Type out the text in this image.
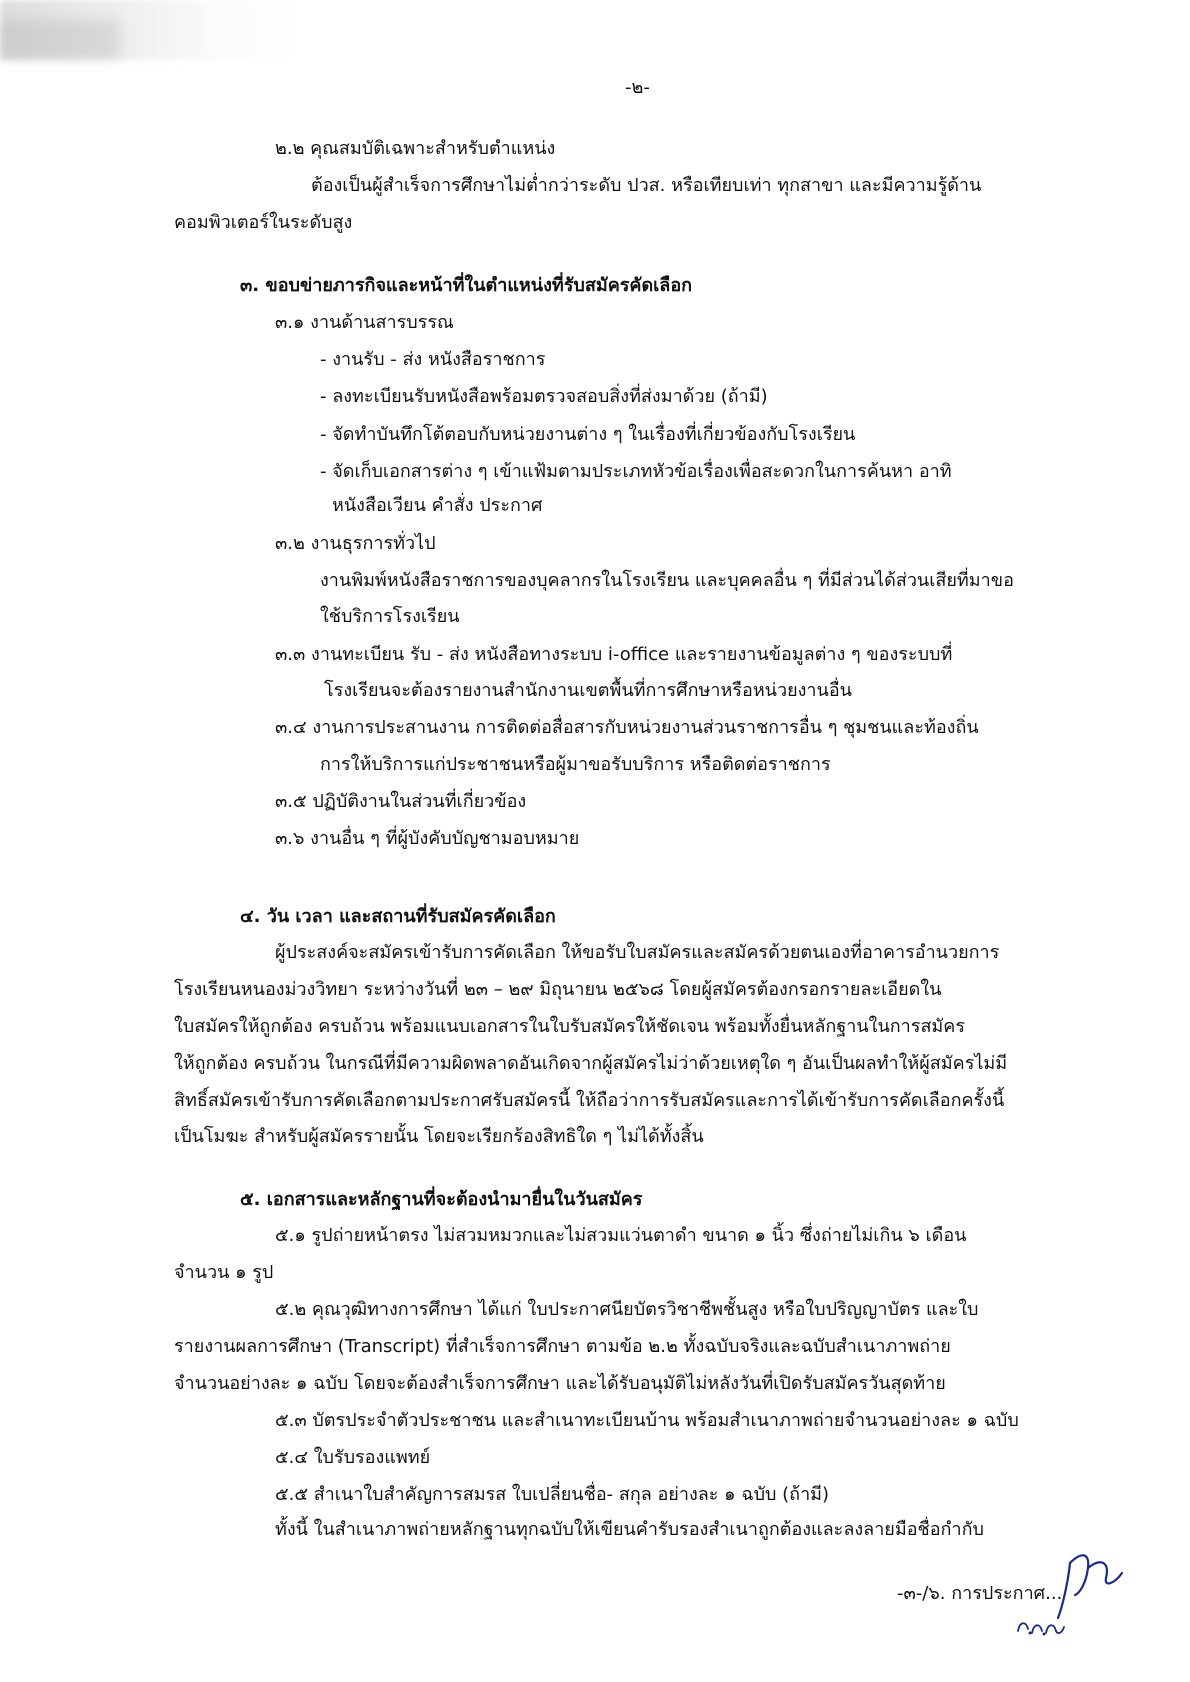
-๒-
๒.๒ คุณสมบัติเฉพาะสำหรับตำแหน่ง
ต้องเป็นผู้สำเร็จการศึกษาไม่ต่ำกว่าระดับ ปวส. หรือเทียบเท่า ทุกสาขา และมีความรู้ด้าน
คอมพิวเตอร์ในระดับสูง
๓. ขอบข่ายภารกิจและหน้าที่ในตำแหน่งที่รับสมัครคัดเลือก
๓.๑ งานด้านสารบรรณ
- งานรับ - ส่ง หนังสือราชการ
- ลงทะเบียนรับหนังสือพร้อมตรวจสอบสิ่งที่ส่งมาด้วย (ถ้ามี)
- จัดทำบันทึกโต้ตอบกับหน่วยงานต่าง ๆ ในเรื่องที่เกี่ยวข้องกับโรงเรียน
- จัดเก็บเอกสารต่าง ๆ เข้าแฟ้มตามประเภทหัวข้อเรื่องเพื่อสะดวกในการค้นหา อาทิ
หนังสือเวียน คำสั่ง ประกาศ
๓.๒ งานธุรการทั่วไป
งานพิมพ์หนังสือราชการของบุคลากรในโรงเรียน และบุคคลอื่น ๆ ที่มีส่วนได้ส่วนเสียที่มาขอ
ใช้บริการโรงเรียน
๓.๓ งานทะเบียน รับ - ส่ง หนังสือทางระบบ i-office และรายงานข้อมูลต่าง ๆ ของระบบที่
โรงเรียนจะต้องรายงานสำนักงานเขตพื้นที่การศึกษาหรือหน่วยงานอื่น
๓.๔ งานการประสานงาน การติดต่อสื่อสารกับหน่วยงานส่วนราชการอื่น ๆ ชุมชนและท้องถิ่น
การให้บริการแก่ประชาชนหรือผู้มาขอรับบริการ หรือติดต่อราชการ
๓.๕ ปฏิบัติงานในส่วนที่เกี่ยวข้อง
๓.๖ งานอื่น ๆ ที่ผู้บังคับบัญชามอบหมาย
๔. วัน เวลา และสถานที่รับสมัครคัดเลือก
ผู้ประสงค์จะสมัครเข้ารับการคัดเลือก ให้ขอรับใบสมัครและสมัครด้วยตนเองที่อาคารอำนวยการ
โรงเรียนหนองม่วงวิทยา ระหว่างวันที่ ๒๓ – ๒๙ มิถุนายน ๒๕๖๘ โดยผู้สมัครต้องกรอกรายละเอียดใน
ใบสมัครให้ถูกต้อง ครบถ้วน พร้อมแนบเอกสารในใบรับสมัครให้ชัดเจน พร้อมทั้งยื่นหลักฐานในการสมัคร
ให้ถูกต้อง ครบถ้วน ในกรณีที่มีความผิดพลาดอันเกิดจากผู้สมัครไม่ว่าด้วยเหตุใด ๆ อันเป็นผลทำให้ผู้สมัครไม่มี
สิทธิ์สมัครเข้ารับการคัดเลือกตามประกาศรับสมัครนี้ ให้ถือว่าการรับสมัครและการได้เข้ารับการคัดเลือกครั้งนี้
เป็นโมฆะ สำหรับผู้สมัครรายนั้น โดยจะเรียกร้องสิทธิใด ๆ ไม่ได้ทั้งสิ้น
๕. เอกสารและหลักฐานที่จะต้องนำมายื่นในวันสมัคร
๕.๑ รูปถ่ายหน้าตรง ไม่สวมหมวกและไม่สวมแว่นตาดำ ขนาด ๑ นิ้ว ซึ่งถ่ายไม่เกิน ๖ เดือน
จำนวน ๑ รูป
๕.๒ คุณวุฒิทางการศึกษา ได้แก่ ใบประกาศนียบัตรวิชาชีพชั้นสูง หรือใบปริญญาบัตร และใบ
รายงานผลการศึกษา (Transcript) ที่สำเร็จการศึกษา ตามข้อ ๒.๒ ทั้งฉบับจริงและฉบับสำเนาภาพถ่าย
จำนวนอย่างละ ๑ ฉบับ โดยจะต้องสำเร็จการศึกษา และได้รับอนุมัติไม่หลังวันที่เปิดรับสมัครวันสุดท้าย
๕.๓ บัตรประจำตัวประชาชน และสำเนาทะเบียนบ้าน พร้อมสำเนาภาพถ่ายจำนวนอย่างละ ๑ ฉบับ
๕.๔ ใบรับรองแพทย์
๕.๕ สำเนาใบสำคัญการสมรส ใบเปลี่ยนชื่อ- สกุล อย่างละ ๑ ฉบับ (ถ้ามี)
ทั้งนี้ ในสำเนาภาพถ่ายหลักฐานทุกฉบับให้เขียนคำรับรองสำเนาถูกต้องและลงลายมือชื่อกำกับ
-๓-/๖. การประกาศ...
